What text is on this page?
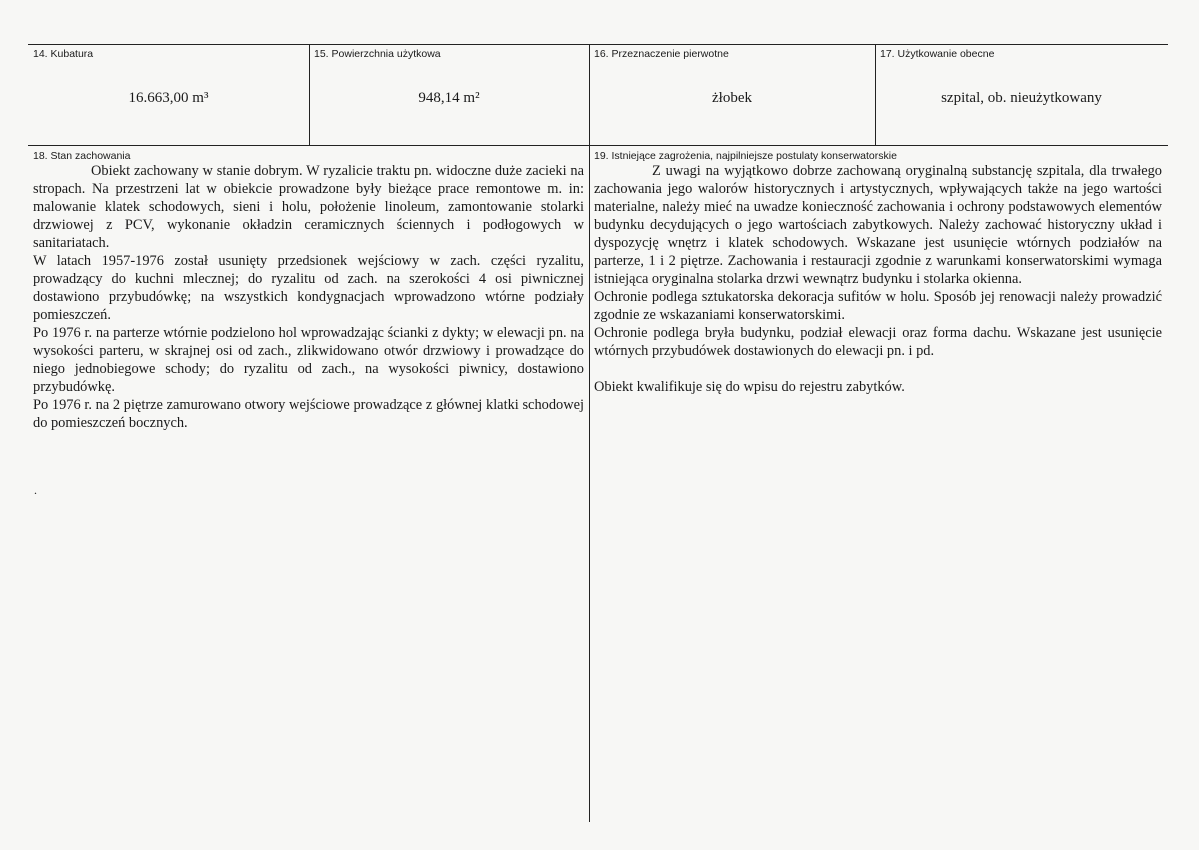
14. Kubatura
16.663,00 m³
15. Powierzchnia użytkowa
948,14 m²
16. Przeznaczenie pierwotne
żłobek
17. Użytkowanie obecne
szpital, ob. nieużytkowany
18. Stan zachowania

Obiekt zachowany w stanie dobrym. W ryzalicie traktu pn. widoczne duże zacieki na stropach. Na przestrzeni lat w obiekcie prowadzone były bieżące prace remontowe m. in: malowanie klatek schodowych, sieni i holu, położenie linoleum, zamontowanie stolarki drzwiowej z PCV, wykonanie okładzin ceramicznych ściennych i podłogowych w sanitariatach.

W latach 1957-1976 został usunięty przedsionek wejściowy w zach. części ryzalitu, prowadzący do kuchni mlecznej; do ryzalitu od zach. na szerokości 4 osi piwnicznej dostawiono przybudówkę; na wszystkich kondygnacjach wprowadzono wtórne podziały pomieszczeń.

Po 1976 r. na parterze wtórnie podzielono hol wprowadzając ścianki z dykty; w elewacji pn. na wysokości parteru, w skrajnej osi od zach., zlikwidowano otwór drzwiowy i prowadzące do niego jednobiegowe schody; do ryzalitu od zach., na wysokości piwnicy, dostawiono przybudówkę.

Po 1976 r. na 2 piętrze zamurowano otwory wejściowe prowadzące z głównej klatki schodowej do pomieszczeń bocznych.

.
19. Istniejące zagrożenia, najpilniejsze postulaty konserwatorskie

Z uwagi na wyjątkowo dobrze zachowaną oryginalną substancję szpitala, dla trwałego zachowania jego walorów historycznych i artystycznych, wpływających także na jego wartości materialne, należy mieć na uwadze konieczność zachowania i ochrony podstawowych elementów budynku decydujących o jego wartościach zabytkowych. Należy zachować historyczny układ i dyspozycję wnętrz i klatek schodowych. Wskazane jest usunięcie wtórnych podziałów na parterze, 1 i 2 piętrze. Zachowania i restauracji zgodnie z warunkami konserwatorskimi wymaga istniejąca oryginalna stolarka drzwi wewnątrz budynku i stolarka okienna.

Ochronie podlega sztukatorska dekoracja sufitów w holu. Sposób jej renowacji należy prowadzić zgodnie ze wskazaniami konserwatorskimi.

Ochronie podlega bryła budynku, podział elewacji oraz forma dachu. Wskazane jest usunięcie wtórnych przybudówek dostawionych do elewacji pn. i pd.

Obiekt kwalifikuje się do wpisu do rejestru zabytków.
